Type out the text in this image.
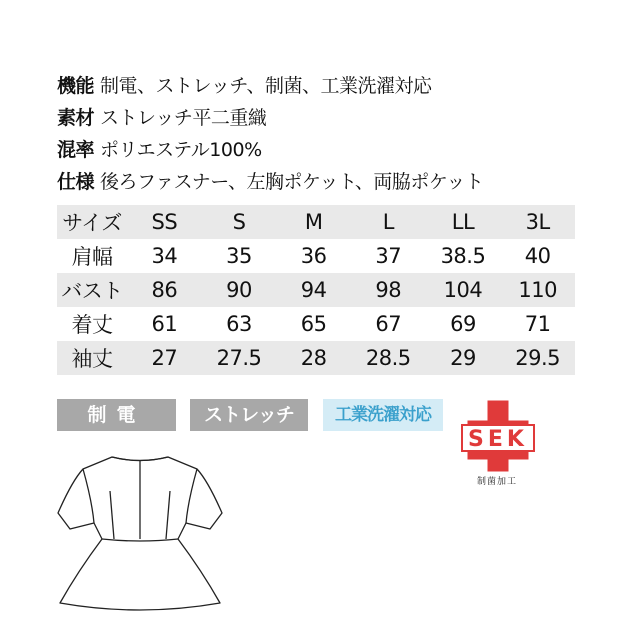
機能 制電、ストレッチ、制菌、工業洗濯対応
素材 ストレッチ平二重織
混率 ポリエステル100%
仕様 後ろファスナー、左胸ポケット、両脇ポケット
サイズ	SS	S	M	L	LL	3L
肩幅	34	35	36	37	38.5	40
バスト	86	90	94	98	104	110
着丈	61	63	65	67	69	71
袖丈	27	27.5	28	28.5	29	29.5
制電	ストレッチ	工業洗濯対応
SEK
制菌加工
